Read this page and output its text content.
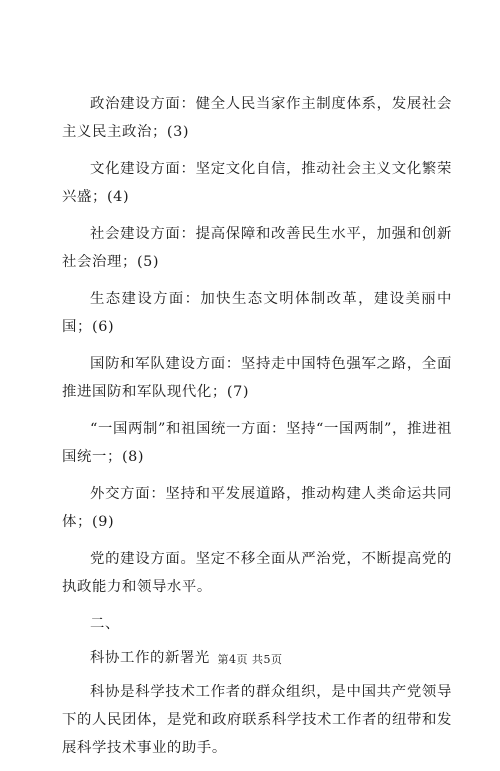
政治建设方面：健全人民当家作主制度体系，发展社会主义民主政治；(3)

文化建设方面：坚定文化自信，推动社会主义文化繁荣兴盛；(4)

社会建设方面：提高保障和改善民生水平，加强和创新社会治理；(5)

生态建设方面：加快生态文明体制改革，建设美丽中国；(6)

国防和军队建设方面：坚持走中国特色强军之路，全面推进国防和军队现代化；(7)

“一国两制”和祖国统一方面：坚持“一国两制”，推进祖国统一；(8)

外交方面：坚持和平发展道路，推动构建人类命运共同体；(9)

党的建设方面。坚定不移全面从严治党，不断提高党的执政能力和领导水平。

二、

科协工作的新署光

科协是科学技术工作者的群众组织，是中国共产党领导下的人民团体，是党和政府联系科学技术工作者的纽带和发展科学技术事业的助手。

第4页 共5页
